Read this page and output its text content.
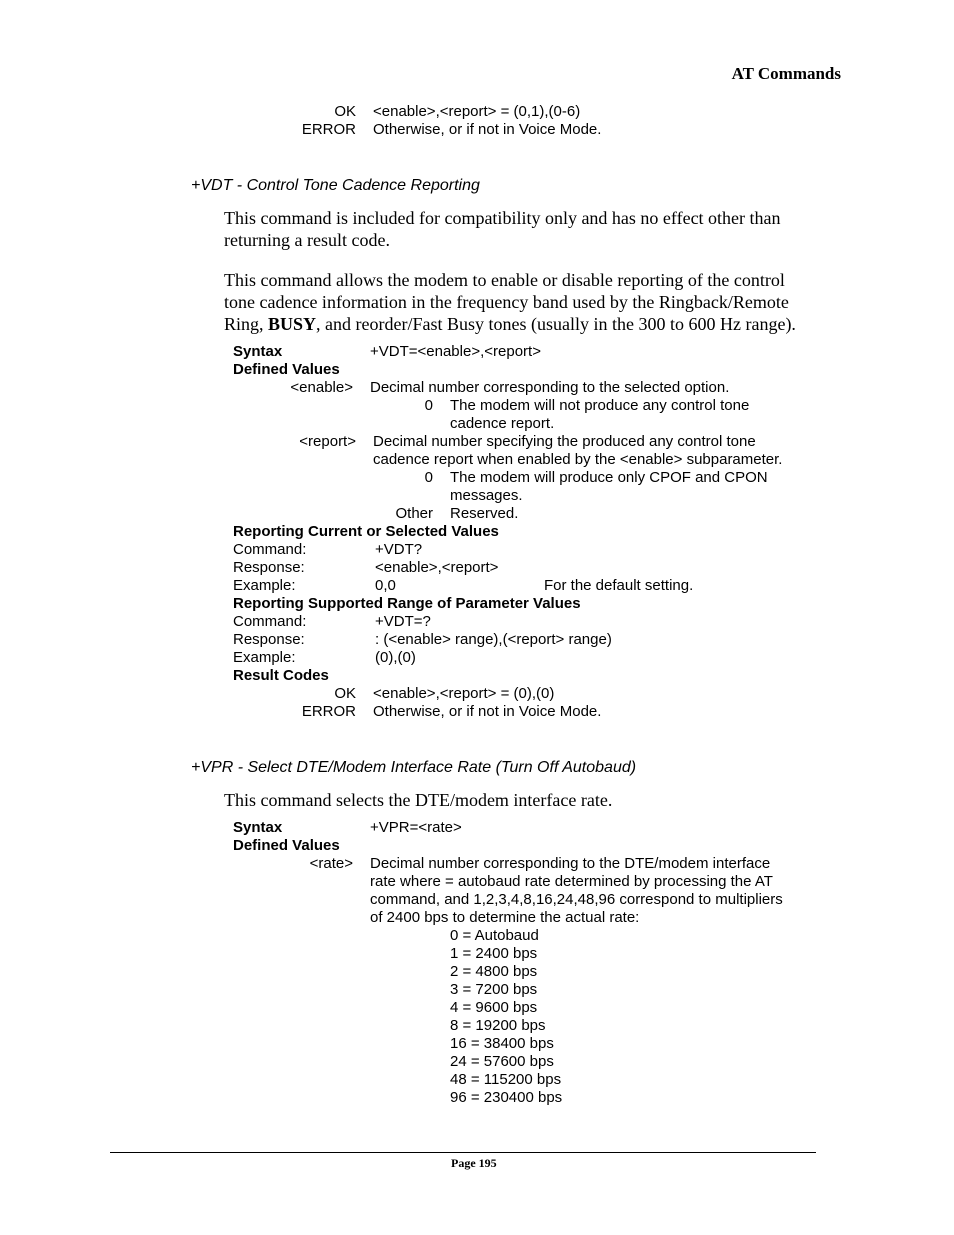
AT Commands
OK <enable>,<report> = (0,1),(0-6)
ERROR Otherwise, or if not in Voice Mode.
+VDT - Control Tone Cadence Reporting
This command is included for compatibility only and has no effect other than
returning a result code.
This command allows the modem to enable or disable reporting of the control
tone cadence information in the frequency band used by the Ringback/Remote
Ring, BUSY, and reorder/Fast Busy tones (usually in the 300 to 600 Hz range).
Syntax	+VDT=<enable>,<report>
Defined Values
<enable> Decimal number corresponding to the selected option.
0 The modem will not produce any control tone
cadence report.
<report> Decimal number specifying the produced any control tone
cadence report when enabled by the <enable> subparameter.
0 The modem will produce only CPOF and CPON
messages.
Other Reserved.
Reporting Current or Selected Values
Command:	+VDT?
Response:	<enable>,<report>
Example:	0,0	For the default setting.
Reporting Supported Range of Parameter Values
Command:	+VDT=?
Response:	: (<enable> range),(<report> range)
Example:	(0),(0)
Result Codes
OK <enable>,<report> = (0),(0)
ERROR Otherwise, or if not in Voice Mode.
+VPR - Select DTE/Modem Interface Rate (Turn Off Autobaud)
This command selects the DTE/modem interface rate.
Syntax	+VPR=<rate>
Defined Values
<rate> Decimal number corresponding to the DTE/modem interface
rate where = autobaud rate determined by processing the AT
command, and 1,2,3,4,8,16,24,48,96 correspond to multipliers
of 2400 bps to determine the actual rate:
0 = Autobaud
1 = 2400 bps
2 = 4800 bps
3 = 7200 bps
4 = 9600 bps
8 = 19200 bps
16 = 38400 bps
24 = 57600 bps
48 = 115200 bps
96 = 230400 bps
Page 195
